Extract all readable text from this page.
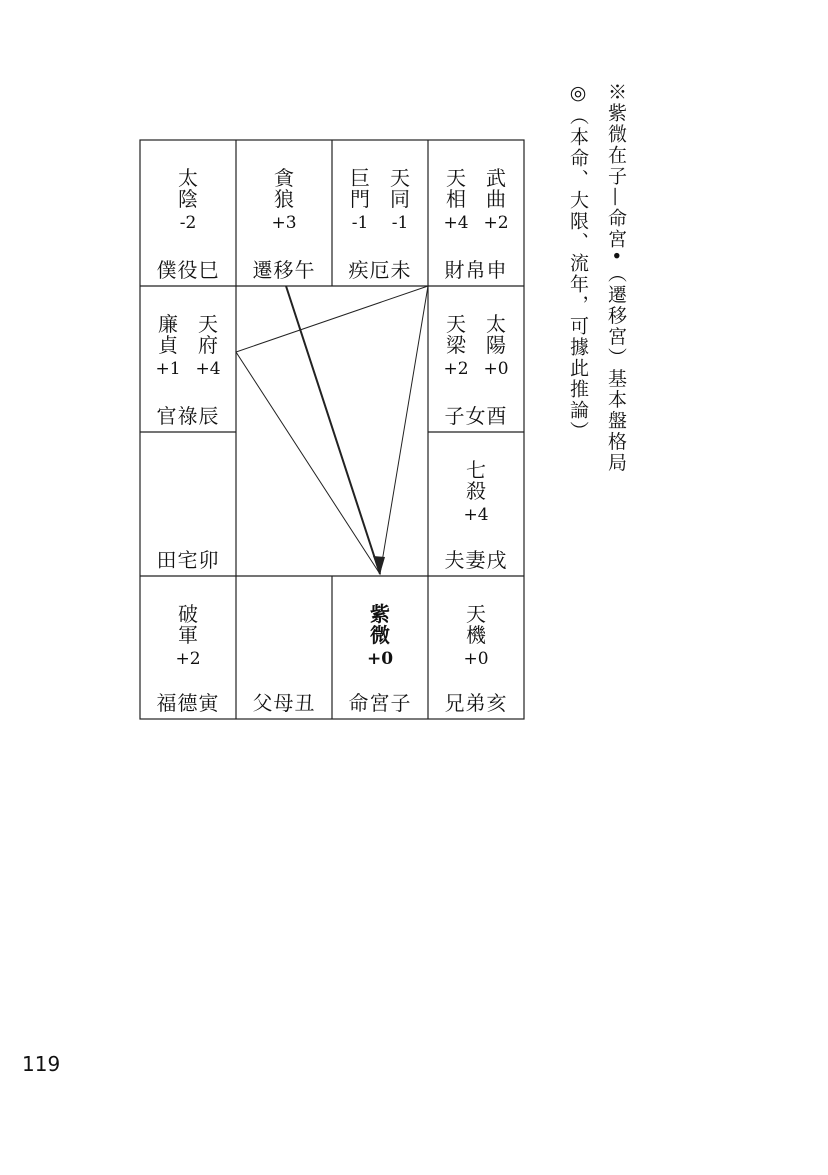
僕役巳
太
陰
-2
遷移午
貪
狼
+3
疾厄未
巨
門
-1
天
同
-1
財帛申
天
相
+4
武
曲
+2
官祿辰
廉
貞
+1
天
府
+4
子女酉
天
梁
+2
太
陽
+0
田宅卯	夫妻戌
七
殺
+4
福德寅
破
軍
+2
父母丑 命宮子
紫
微
+0
兄弟亥
天
機
+0
※紫微在子—命宮•（遷移宮）基本盤格局
◎（本命、大限、流年，可據此推論）
119
